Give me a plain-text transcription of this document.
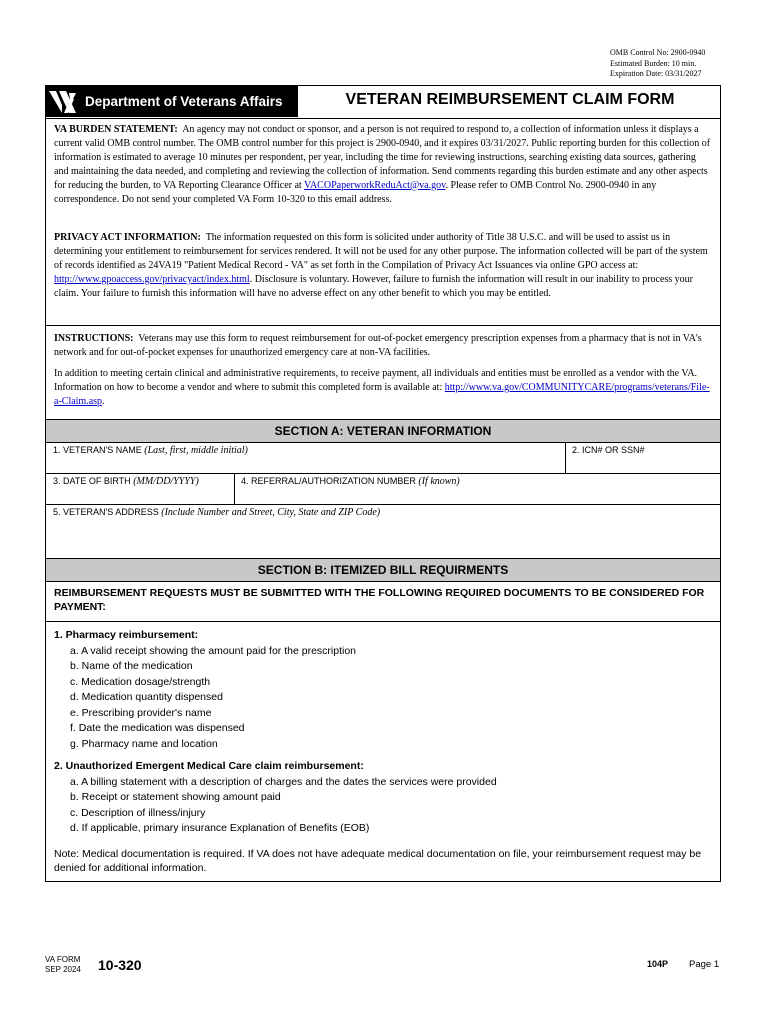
OMB Control No: 2900-0940
Estimated Burden: 10 min.
Expiration Date: 03/31/2027
Department of Veterans Affairs	VETERAN REIMBURSEMENT CLAIM FORM
VA BURDEN STATEMENT: An agency may not conduct or sponsor, and a person is not required to respond to, a collection of information unless it displays a current valid OMB control number. The OMB control number for this project is 2900-0940, and it expires 03/31/2027. Public reporting burden for this collection of information is estimated to average 10 minutes per respondent, per year, including the time for reviewing instructions, searching existing data sources, gathering and maintaining the data needed, and completing and reviewing the collection of information. Send comments regarding this burden estimate and any other aspects for reducing the burden, to VA Reporting Clearance Officer at VACOPaperworkReduAct@va.gov. Please refer to OMB Control No. 2900-0940 in any correspondence. Do not send your completed VA Form 10-320 to this email address.
PRIVACY ACT INFORMATION: The information requested on this form is solicited under authority of Title 38 U.S.C. and will be used to assist us in determining your entitlement to reimbursement for services rendered. It will not be used for any other purpose. The information collected will be part of the system of records identified as 24VA19 "Patient Medical Record - VA" as set forth in the Compilation of Privacy Act Issuances via online GPO access at: http://www.gpoaccess.gov/privacyact/index.html. Disclosure is voluntary. However, failure to furnish the information will result in our inability to process your claim. Your failure to furnish this information will have no adverse effect on any other benefit to which you may be entitled.
INSTRUCTIONS: Veterans may use this form to request reimbursement for out-of-pocket emergency prescription expenses from a pharmacy that is not in VA's network and for out-of-pocket expenses for unauthorized emergency care at non-VA facilities.
In addition to meeting certain clinical and administrative requirements, to receive payment, all individuals and entities must be enrolled as a vendor with the VA. Information on how to become a vendor and where to submit this completed form is available at: http://www.va.gov/COMMUNITYCARE/programs/veterans/File-a-Claim.asp.
SECTION A: VETERAN INFORMATION
1. VETERAN'S NAME (Last, first, middle initial)	2. ICN# OR SSN#
3. DATE OF BIRTH (MM/DD/YYYY)	4. REFERRAL/AUTHORIZATION NUMBER (If known)
5. VETERAN'S ADDRESS (Include Number and Street, City, State and ZIP Code)
SECTION B: ITEMIZED BILL REQUIRMENTS
REIMBURSEMENT REQUESTS MUST BE SUBMITTED WITH THE FOLLOWING REQUIRED DOCUMENTS TO BE CONSIDERED FOR PAYMENT:
1. Pharmacy reimbursement:
a. A valid receipt showing the amount paid for the prescription
b. Name of the medication
c. Medication dosage/strength
d. Medication quantity dispensed
e. Prescribing provider's name
f. Date the medication was dispensed
g. Pharmacy name and location
2. Unauthorized Emergent Medical Care claim reimbursement:
a. A billing statement with a description of charges and the dates the services were provided
b. Receipt or statement showing amount paid
c. Description of illness/injury
d. If applicable, primary insurance Explanation of Benefits (EOB)
Note: Medical documentation is required. If VA does not have adequate medical documentation on file, your reimbursement request may be denied for additional information.
VA FORM
SEP 2024 10-320	104P Page 1
